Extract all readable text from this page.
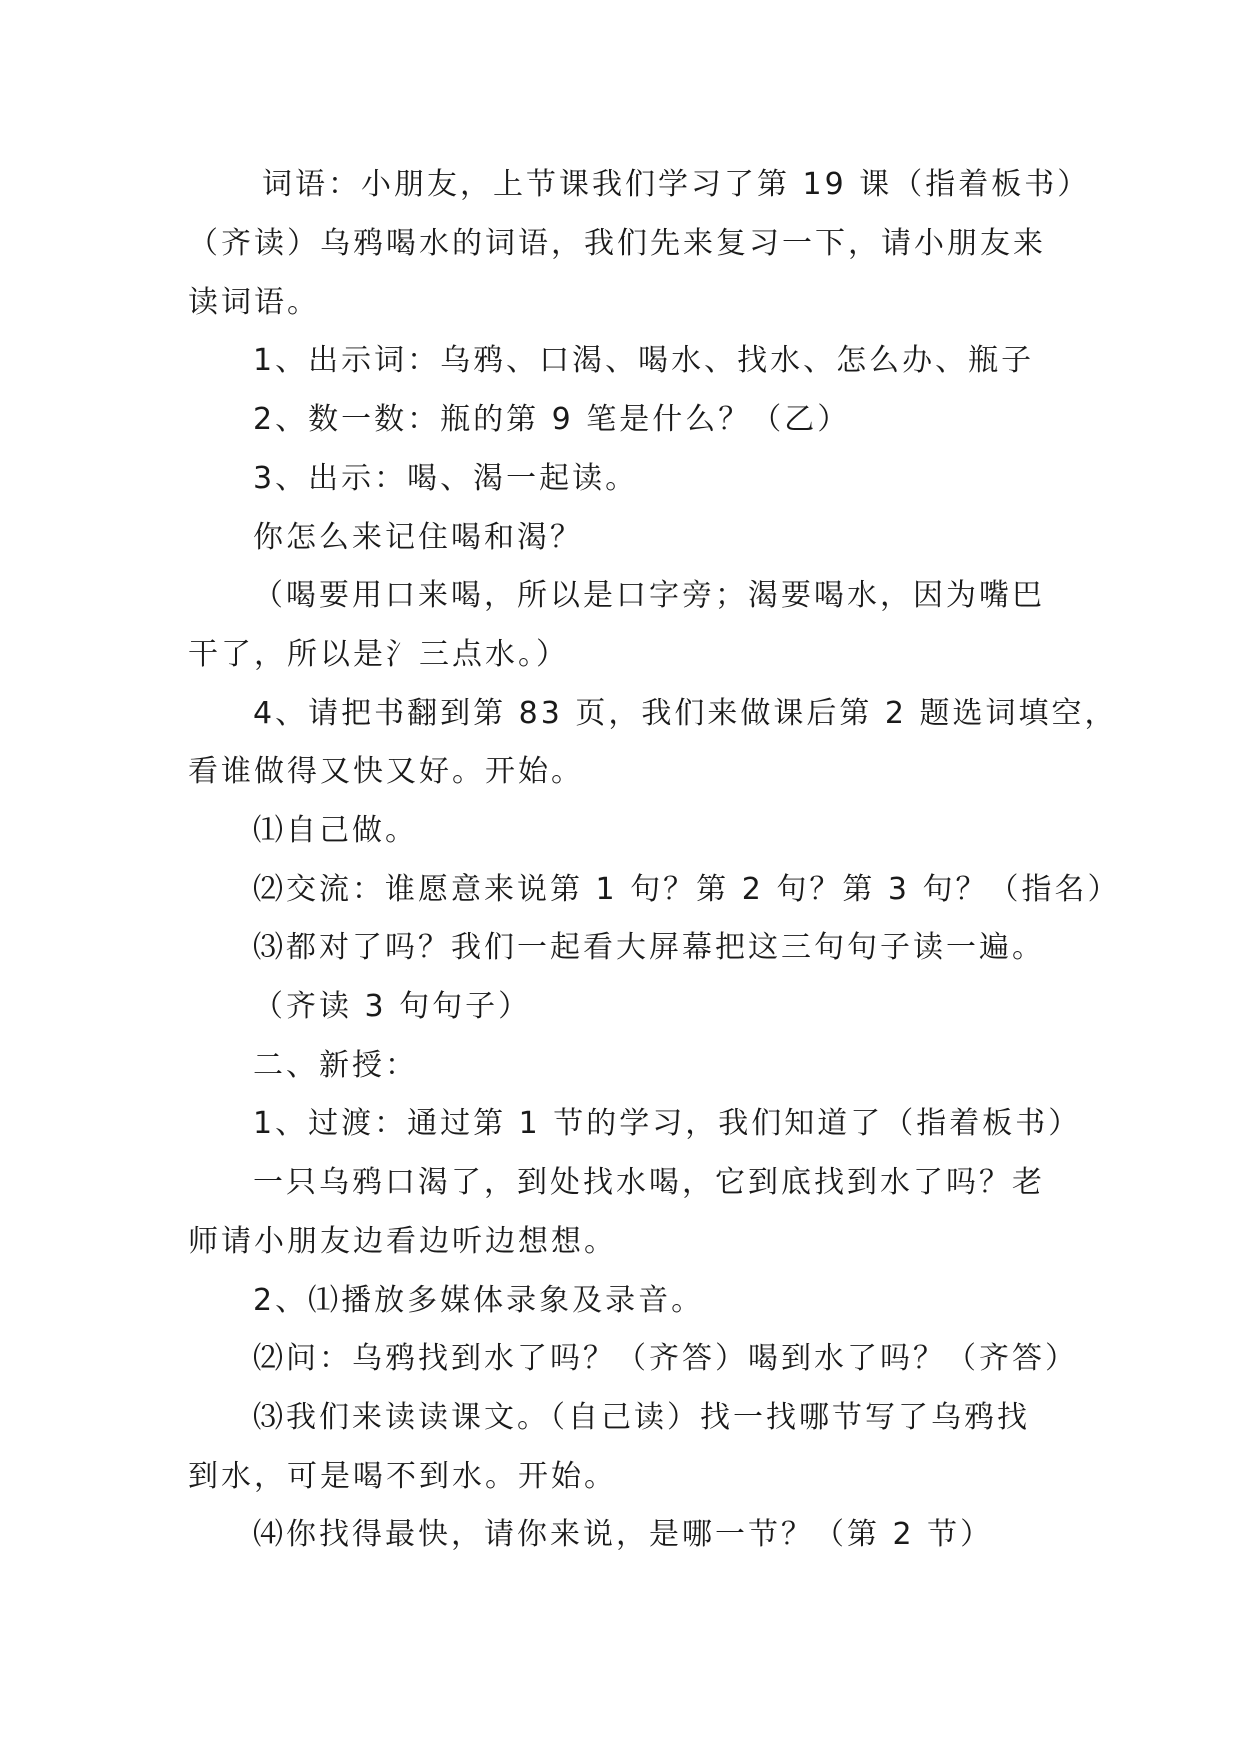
词语：小朋友，上节课我们学习了第 19 课（指着板书）
（齐读）乌鸦喝水的词语，我们先来复习一下，请小朋友来
读词语。
1、出示词：乌鸦、口渴、喝水、找水、怎么办、瓶子
2、数一数：瓶的第 9 笔是什么？（乙）
3、出示：喝、渴一起读。
你怎么来记住喝和渴？
（喝要用口来喝，所以是口字旁；渴要喝水，因为嘴巴
干了，所以是氵三点水。）
4、请把书翻到第 83 页，我们来做课后第 2 题选词填空，
看谁做得又快又好。开始。
⑴自己做。
⑵交流：谁愿意来说第 1 句？第 2 句？第 3 句？（指名）
⑶都对了吗？我们一起看大屏幕把这三句句子读一遍。
（齐读 3 句句子）
二、新授：
1、过渡：通过第 1 节的学习，我们知道了（指着板书）
一只乌鸦口渴了，到处找水喝，它到底找到水了吗？老
师请小朋友边看边听边想想。
2、⑴播放多媒体录象及录音。
⑵问：乌鸦找到水了吗？（齐答）喝到水了吗？（齐答）
⑶我们来读读课文。（自己读）找一找哪节写了乌鸦找
到水，可是喝不到水。开始。
⑷你找得最快，请你来说，是哪一节？（第 2 节）
